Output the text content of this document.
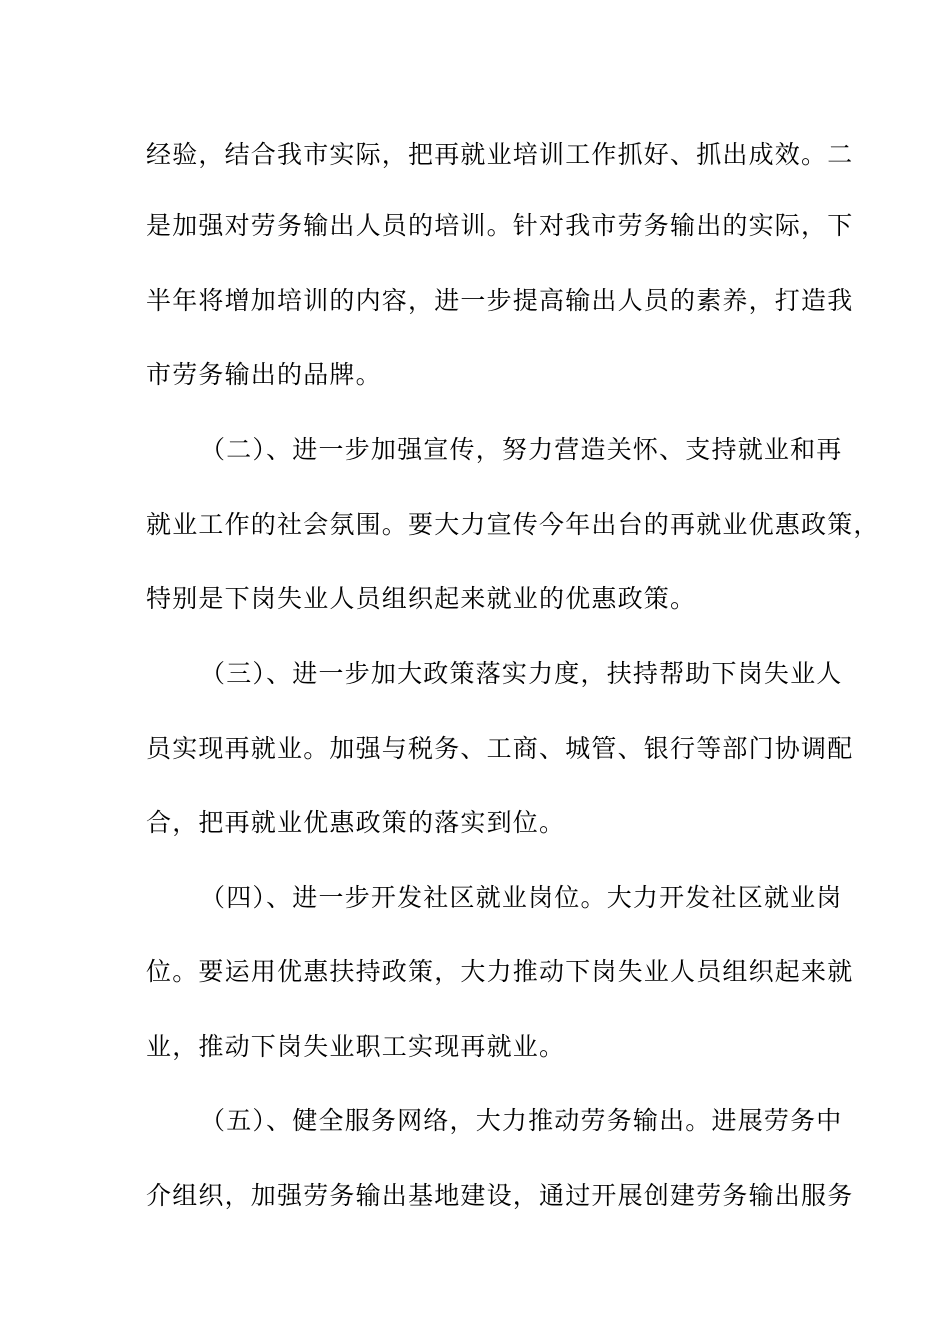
经验，结合我市实际，把再就业培训工作抓好、抓出成效。二
是加强对劳务输出人员的培训。针对我市劳务输出的实际，下
半年将增加培训的内容，进一步提高输出人员的素养，打造我
市劳务输出的品牌。
（二）、进一步加强宣传，努力营造关怀、支持就业和再
就业工作的社会氛围。要大力宣传今年出台的再就业优惠政策，
特别是下岗失业人员组织起来就业的优惠政策。
（三）、进一步加大政策落实力度，扶持帮助下岗失业人
员实现再就业。加强与税务、工商、城管、银行等部门协调配
合，把再就业优惠政策的落实到位。
（四）、进一步开发社区就业岗位。大力开发社区就业岗
位。要运用优惠扶持政策，大力推动下岗失业人员组织起来就
业，推动下岗失业职工实现再就业。
（五）、健全服务网络，大力推动劳务输出。进展劳务中
介组织，加强劳务输出基地建设，通过开展创建劳务输出服务
